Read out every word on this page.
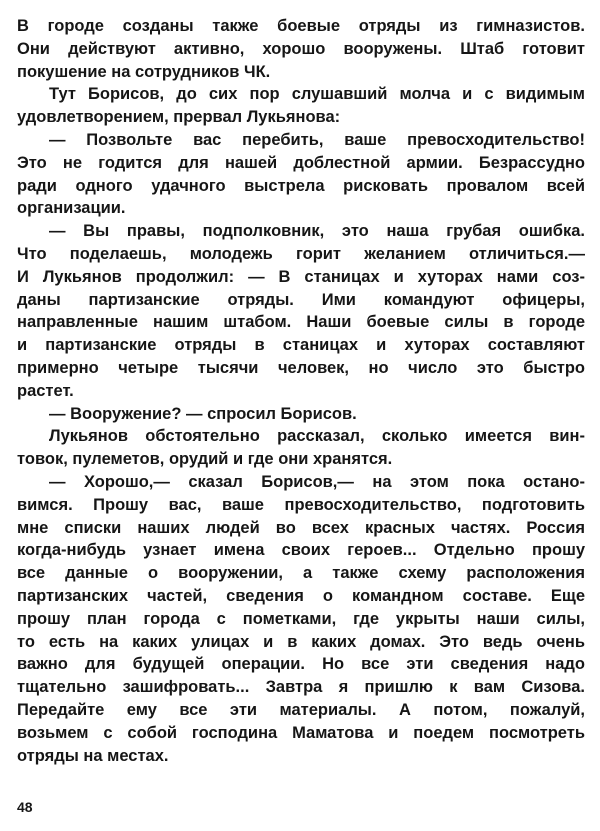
В городе созданы также боевые отряды из гимназистов.
Они действуют активно, хорошо вооружены. Штаб готовит
покушение на сотрудников ЧК.
Тут Борисов, до сих пор слушавший молча и с видимым
удовлетворением, прервал Лукьянова:
— Позвольте вас перебить, ваше превосходительство!
Это не годится для нашей доблестной армии. Безрассудно
ради одного удачного выстрела рисковать провалом всей
организации.
— Вы правы, подполковник, это наша грубая ошибка.
Что поделаешь, молодежь горит желанием отличиться.—
И Лукьянов продолжил: — В станицах и хуторах нами соз-
даны партизанские отряды. Ими командуют офицеры,
направленные нашим штабом. Наши боевые силы в городе
и партизанские отряды в станицах и хуторах составляют
примерно четыре тысячи человек, но число это быстро
растет.
— Вооружение? — спросил Борисов.
Лукьянов обстоятельно рассказал, сколько имеется вин-
товок, пулеметов, орудий и где они хранятся.
— Хорошо,— сказал Борисов,— на этом пока остано-
вимся. Прошу вас, ваше превосходительство, подготовить
мне списки наших людей во всех красных частях. Россия
когда-нибудь узнает имена своих героев... Отдельно прошу
все данные о вооружении, а также схему расположения
партизанских частей, сведения о командном составе. Еще
прошу план города с пометками, где укрыты наши силы,
то есть на каких улицах и в каких домах. Это ведь очень
важно для будущей операции. Но все эти сведения надо
тщательно зашифровать... Завтра я пришлю к вам Сизова.
Передайте ему все эти материалы. А потом, пожалуй,
возьмем с собой господина Маматова и поедем посмотреть
отряды на местах.
48
